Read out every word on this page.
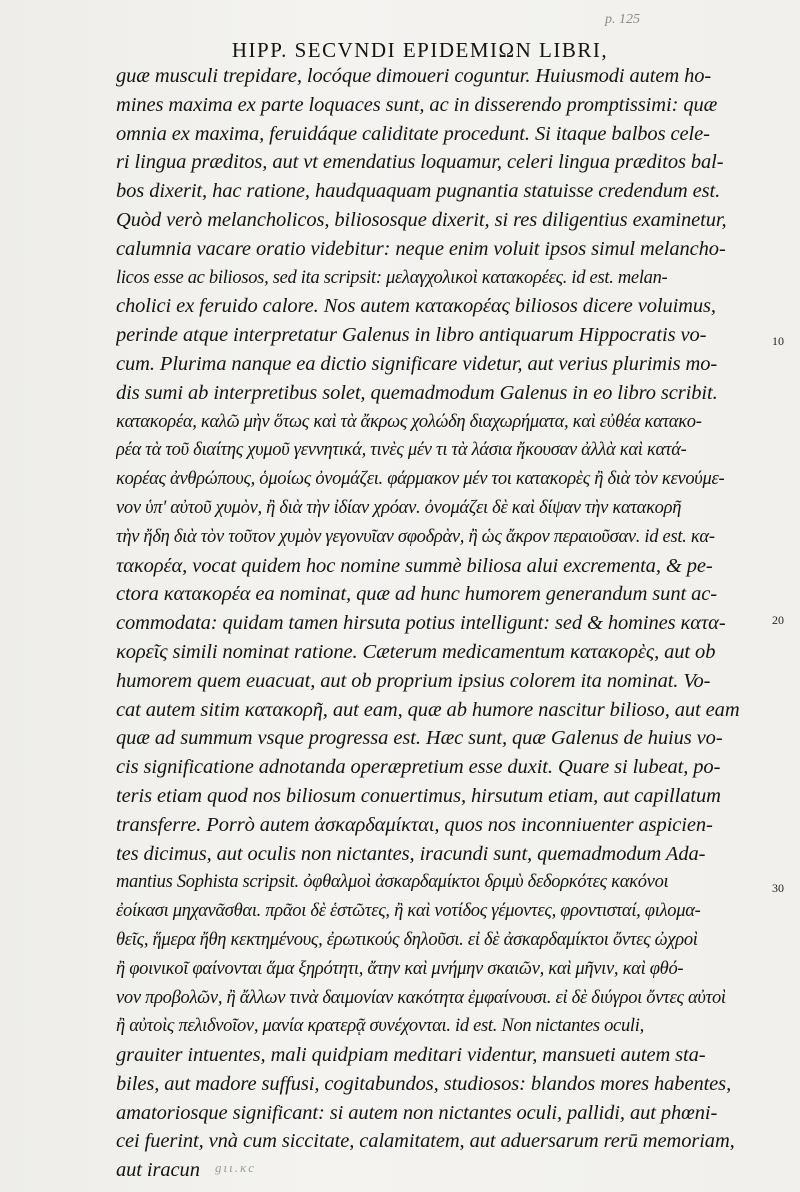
p. 125
HIPP. SECVNDI EPIDEMIΩN LIBRI,
guæ musculi trepidare, locóque dimoueri coguntur. Huiusmodi autem ho-
mines maxima ex parte loquaces sunt, ac in disserendo promptissimi: quæ
omnia ex maxima, feruidáque caliditate procedunt. Si itaque balbos cele-
ri lingua præditos, aut vt emendatius loquamur, celeri lingua præditos bal-
bos dixerit, hac ratione, haudquaquam pugnantia statuisse credendum est.
Quòd verò melancholicos, biliososque dixerit, si res diligentius examinetur,
calumnia vacare oratio videbitur: neque enim voluit ipsos simul melancho-
licos esse ac biliosos, sed ita scripsit: μελαγχολικοὶ κατακορέες. id est. melan-
cholici ex feruido calore. Nos autem κατακορέας biliosos dicere voluimus,
perinde atque interpretatur Galenus in libro antiquarum Hippocratis vo-
cum. Plurima nanque ea dictio significare videtur, aut verius plurimis mo-
dis sumi ab interpretibus solet, quemadmodum Galenus in eo libro scribit.
κατακορέα, καλῶ μὴν ὅτως καὶ τὰ ἄκρως χολώδη διαχωρήματα, καὶ εὐθέα κατακο-
ρέα τὰ τοῦ διαίτης χυμοῦ γεννητικά, τινὲς μέν τι τὰ λάσια ἤκουσαν ἀλλὰ καὶ κατά-
κορέας ἀνθρώπους, ὁμοίως ὀνομάζει. φάρμακον μέν τοι κατακορὲς ἢ διὰ τὸν κενούμε-
νον ὑπ' αὐτοῦ χυμὸν, ἢ διὰ τὴν ἰδίαν χρόαν. ὀνομάζει δὲ καὶ δίψαν τὴν κατακορῆ
τὴν ἤδη διὰ τὸν τοῦτον χυμὸν γεγονυῖαν σφοδρὰν, ἢ ὡς ἄκρον περαιοῦσαν. id est. κα-
τακορέα, vocat quidem hoc nomine summè biliosa alui excrementa, & pe-
ctora κατακορέα ea nominat, quæ ad hunc humorem generandum sunt ac-
commodata: quidam tamen hirsuta potius intelligunt: sed & homines κατα-
κορεῖς simili nominat ratione. Cæterum medicamentum κατακορὲς, aut ob
humorem quem euacuat, aut ob proprium ipsius colorem ita nominat. Vo-
cat autem sitim κατακορῆ, aut eam, quæ ab humore nascitur bilioso, aut eam
quæ ad summum vsque progressa est. Hæc sunt, quæ Galenus de huius vo-
cis significatione adnotanda operæpretium esse duxit. Quare si lubeat, po-
teris etiam quod nos biliosum conuertimus, hirsutum etiam, aut capillatum
transferre. Porrò autem ἀσκαρδαμίκται, quos nos inconniuenter aspicien-
tes dicimus, aut oculis non nictantes, iracundi sunt, quemadmodum Ada-
mantius Sophista scripsit. ὀφθαλμοὶ ἀσκαρδαμίκτοι δριμὺ δεδορκότες κακόνοι
ἐοίκασι μηχανᾶσθαι. πρᾶοι δὲ ἑστῶτες, ἢ καὶ νοτίδος γέμοντες, φροντισταί, φιλομα-
θεῖς, ἥμερα ἤθη κεκτημένους, ἐρωτικούς δηλοῦσι. εἰ δὲ ἀσκαρδαμίκτοι ὄντες ὠχροὶ
ἢ φοινικοῖ φαίνονται ἅμα ξηρότητι, ἄτην καὶ μνήμην σκαιῶν, καὶ μῆνιν, καὶ φθό-
νον προβολῶν, ἢ ἄλλων τινὰ δαιμονίαν κακότητα ἐμφαίνουσι. εἰ δὲ διύγροι ὄντες αὐτοὶ
ἢ αὐτοὶς πελιδνοῖον, μανία κρατερᾷ συνέχονται. id est. Non nictantes oculi,
grauiter intuentes, mali quidpiam meditari videntur, mansueti autem sta-
biles, aut madore suffusi, cogitabundos, studiosos: blandos mores habentes,
amatoriosque significant: si autem non nictantes oculi, pallidi, aut phœni-
cei fuerint, vnà cum siccitate, calamitatem, aut aduersarum rerū memoriam,
aut iracun
10
20
30
gιι.κc
